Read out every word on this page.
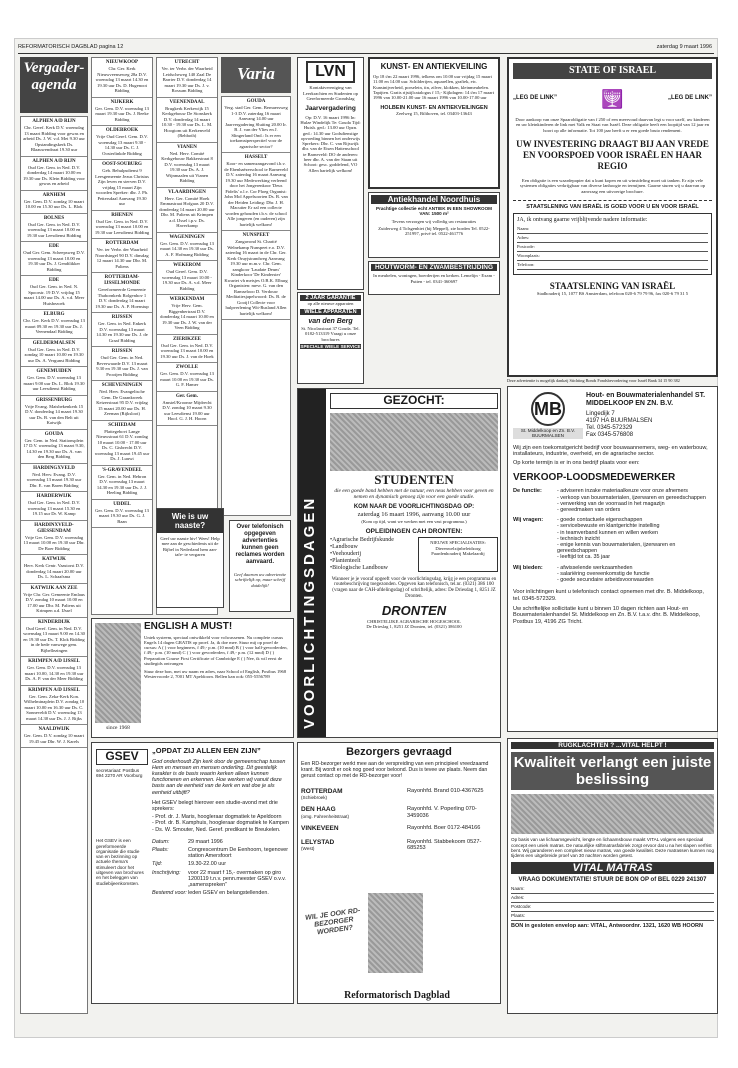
REFORMATORISCH DAGBLAD pagina 12	zaterdag 9 maart 1996
Vergader-agenda
ALPHEN A/D RIJN
Chr. Geref. Kerk D.V. woensdag 13 maart Bidding voor gewas en arbeid Ds. J. W. v.d. Mei 9.30 uur Opstandingskerk Ds. Blaauwendraat 19.30 uur
ALPHEN A/D RIJN
Oud Ger. Gem. in Ned. D.V. donderdag 14 maart 10.00 en 19.30 uur Ds. Klein Bidding voor gewas en arbeid
ARNHEM
Ger. Gem. D.V. zondag 10 maart 10.00 en 15.30 uur Ds. L. Blok
BOLNES
Oud Ger. Gem. in Ned. D.V. woensdag 13 maart 10.00 en 19.30 uur Leesdienst Bidding
EDE
Oud Ger. Gem. Scheepsweg D.V. woensdag 13 maart 10.00 en 19.30 uur Ds. J. Gendtlikker Bidding
EDE
Oud Ger. Gem. in Ned. N. Spoorstr. 19 D.V. vrijdag 15 maart 14.00 uur Ds. A. v.d. Meer Huisbezoek
ELBURG
Chr. Ger. Kerk D.V. woensdag 13 maart 09.30 en 19.30 uur Ds. J. Veenendaal Bidding
GELDERMALSEN
Oud Ger. Gem. in Ned. D.V. zondag 10 maart 10.00 en 19.30 uur Ds. A. Vergunst Bidding
GENEMUIDEN
Ger. Gem. D.V. woensdag 13 maart 9.00 uur Ds. L. Blok 19.30 uur Leesdienst Bidding
GRISSENBURG
Vrije Evang. Maisbekenkerk 15 D.V. donderdag 14 maart 19.30 uur Ds. B. van den Belt uit Katwijk
GOUDA
Ger. Gem. in Ned. Stationsplein 17 D.V. woensdag 13 maart 9.30, 14.30 en 19.30 uur Ds. A. van den Berg Bidding
HARDINGXVELD
Ned. Herv. Evang. D.V. woensdag 13 maart 19.30 uur Dhr. E. van Baren Bidding
HARDERWIJK
Oud Ger. Gem. in Ned. D.V. woensdag 13 maart 15.30 en 19.15 uur Dr. W. Kamp
HARDINXVELD-GIESSENDAM
Vrije Ger. Gem. D.V. woensdag 13 maart 10.00 en 19.30 uur Dhr. De Boer Bidding
KATWIJK
Herv. Kerk Centr. Vaastorst D.V. donderdag 14 maart 20.00 uur Ds. L. Schaafsma
KATWIJK AAN ZEE
Vrije Chr. Ger. Gemeente Emlaus D.V. zondag 10 maart 10.00 en 17.00 uur Dhr. M. Paliens uit Krimpen a.d. IJssel
KINDERDIJK
Oud Geref. Gem. in Ned. D.V. woensdag 13 maart 9.00 en 14.30 en 19.30 uur Ds. T. Klok Bidding in de bede vanwege gem. Bijbellezingen
KRIMPEN A/D IJSSEL
Ger. Gem. D.V. woensdag 13 maart 10.00, 14.30 en 19.30 uur Ds. A. P. van der Meer Bidding
KRIMPEN A/D IJSSEL
Ger. Gem. Zeka-Kerk Kon. Wilhelminaplein D.V. zondag 10 maart 10.00 en 16.30 uur Ds. C. Sonneveldt D.V. woensdag 13 maart 14.30 uur Ds. J. J. Rijks
NAALDWIJK
Ger. Gem. D.V. zondag 10 maart 19.45 uur Dhr. W. J. Karels
NIEUWKOOP
Chr. Ger. Kerk Nieuwveenseweg 28a D.V. woensdag 13 maart 14.30 en 19.30 uur Ds. D. Hugenoot Bidding
NIJKERK
Ger. Gem. D.V. woensdag 13 maart 19.30 uur Ds. J. Beeke Bidding
OLDEBROEK
Vrije Oud Geref. Gem. D.V. woensdag 13 maart 9.30 - 14.30 uur Ds. C. J. Oosterlinkde Bidding
OOST-SOUBURG
Geb. Behulpsdienst 9 Leesgemeente Jezus Christus Zijn leven en sterven D.V. vrijdag 15 maart Zijn woorden Spreker: dhr. J. Ph. Pettersdaal Aanvang 19.30 uur
RHENEN
Oud Ger. Gem. in Ned. D.V. woensdag 13 maart 10.00 en 19.30 uur Leesdienst Bidding
ROTTERDAM
Ver. ter Verbr. der Waarheid Noordsingel 90 D.V. dinsdag 12 maart 14.30 uur Dhr. M. Paliens
ROTTERDAM-IJSSELMONDE
Gereformeerde Gemeente Thabornkerk Rolgenhov 1 D.V. donderdag 14 maart 19.30 uur Ds. A. P. Hoenstup
RIJSSEN
Ger. Gem. in Ned. Enkerk D.V. woensdag 13 maart 14.30 en 19.30 uur Ds. J. de Graaf Bidding
RIJSSEN
Oud Ger. Gem. in Ned. Beverwaarde D.V. 13 maart 9.30 en 19.30 uur Ds. J. van Prooijen Bidding
SCHEVENINGEN
Ned. Herv. Evangelische Gem. De Graankweek Keizerstraat 95 D.V. vrijdag 15 maart 20.00 uur Ds. H. Zeeman (Rijksloot)
SCHIEDAM
Plattegebovi Lange Nieuwstraat 61 D.V. zondag 10 maart 10.00 - 17.00 uur Ds. C. Gisbrecht D.V. woensdag 13 maart 19.45 uur Ds. J. Luuwt
'S-GRAVENDEEL
Ger. Gem. in Ned. Hebron D.V. woensdag 13 maart 14.30 en 19.30 uur Ds. J. J. Heeling Bidding
UDDEL
Ger. Gem. D.V. woensdag 13 maart 19.30 uur Ds. G. J. Baan
UTRECHT
Ver. ter Verbr. der Waarheid Leidscheweg 140 Zaal De Barrier D.V. donderdag 14 maart 19.30 uur Ds. J. v. Rossum Bidding
VEENENDAAL
Brugkerk Kerkewijk 15 Kerkgebouw De Sionskerk D.V. donderdag 14 maart 10.30 - 19.30 uur Ds. L. M. Hoogtom uit Kerkenveld (Rehboth)
VIANEN
Ned. Herv. Comité Kerkgebouw Bakkerstraat 8 D.V. woensdag 13 maart 19.30 uur Ds. A. J. Wijnmaalen uit Vianen Bidding
VLAARDINGEN
Herv. Ger. Comité Hoek Emmastraat Hofgaas 20 D.V. donderdag 14 maart 20.00 uur Dhr. M. Paliens uit Krimpen a.d. IJssel i.p.v. Ds. Haverkamp
WAGENINGEN
Ger. Gem. D.V. woensdag 13 maart 14.30 en 19.30 uur Ds. A. F. Hofmang Bidding
WEKEROM
Oud Geref. Gem. D.V. woensdag 13 maart 10.00 - 19.30 uur Ds. A. v.d. Meer Bidding
WERKENDAM
Vrije Herv. Gem. Biggenbertraat D.V. donderdag 14 maart 10.00 en 19.30 uur Ds. J. W. van der Veen Bidding
ZIERIKZEE
Oud Ger. Gem. in Ned. D.V. woensdag 13 maart 10.00 en 19.30 uur Ds. J. van de Hoek
ZWOLLE
Ger. Gem. D.V. woensdag 13 maart 10.00 en 19.30 uur Ds. G. F. Hamer
Ger. Gem.
Amstel/Kroonse Mijdrecht D.V. zondag 10 maart 9.30 uur Leesdienst 19.00 uur Hoof. G. J. H. Hoorn
Varia
GOUDA
Verg. stad Ger. Gem. Bernaersweg 1-3 D.V. zaterdag 16 maart Aanvang 14.00 uur Jaarvergadering Sluiting 20.00 Ir. B. J. van der Vlies en J. Slingerland Ond.: Is er een toekomstperspectief voor de agrarische sector?
HASSELT
Koor- en samenzangavond t.b.v. de Ebenhaëzerschool te Barneveld D.V. zaterdag 16 maart Aanvang 19.30 uur Medewerking verleend door het Jongerenkoor 'Deus Fidelis' o.l.v. Cor Ploeg Organist: John Mol Appelsoorten Ds. B. van der Heiden Leiding: Dhr. J. H. Macutter Er zal een collecte worden gehouden t.b.v. de school Alle jongeren (en ouderen) zijn hartelijk welkom!
NUNSPEET
Zangavond St. Charité Welnekamp Nunspeet e.o. D.V. zaterdag 16 maart in de Chr. Ger. Kerk Oruyjstrandweg Aanvang 19.30 uur m.m.v. Chr. Gem. zangkoor 'Laudate Deum' Kinderkoor 'De Kinderster' Kwartet vh meisjes O.B.K. Elburg Organisten: mevr. G. van den Ramselooo D. Verdouw Meditatiesjapelwoord: Ds. B. de Gooijf Collecte voor hulpverlening Wit-Rusland Allen hartelijk welkom!
Wie is uw naaste?
Geef uw naaste hiv! Wees! Help mee aan de geschiedenis uit de Bijbel in Nederland hem aan-tafe- te vergaren
Over telefonisch opgegeven advertenties kunnen geen reclames worden aanvaard.
Geef daarom uw advertentie schriftelijk op, maar schrijf duidelijk!
LVN
Kontaktvereniging van Leerkrachten en Studenten op Gereformeerde Grondslag
Jaarvergadering
Op: D.V. 16 maart 1996 In: Hulze Windelijk Te: Gouda Tijd: Huish. ged.: 13.00 uur Opzn. ged.: 14.30 uur Godsdienstige opvoeding binnen het onderwijs Sprekers: Dhr. C. van Rijswijk dhr. van de Eisen Hattenschool te Barneveld: DO de anderen: heer dhr. A. van der Staan uit Schoot: gesc. goddelend, VO Allen hartelijk welkom!
KUNST- EN ANTIEKVEILING
Op 18 t/m 22 maart 1996, telkens om 10.00 uur vrijdag 15 maart 11.00 en 14.00 uur. Schilderijen, aquarellen, grafiek, etc. Kunstnijverheid, porselein, tin, zilver, klokken, kleinmeubelen. Tapijten. Gratis rijstijlcatalogus f 15,- Kijkdagen: 14 t/m 17 maart 1996 van 10.00-21.00 uur 16 maart 1996 van 10.00-17.00 uur
HOLBEIN KUNST- EN ANTIEKVEILINGEN
Zeelweg 15, Bilthoven, tel. 03403-13643
Antiekhandel Noordhuis
Prachtige collectie echt ANTIEK IN EEN SHOWROOM VAN: 1500 m²
Tevens verzorgen wij volledig uw restauraties
Zuiderweg 4 Tolsgenhiet (bij Meppel), zie borden Tel. 0522-251997, privé tel. 0522-461776
2 JAAR GARANTIE
op alle nieuwe apparaten
WIELE APPARATEN
van den Berg
St. Nicolasstraat 37 Gouda. Tel. 0182-513319 Vraagt u onze brochures
SPECIALE WIELE SERVICE
HOUTWORM- EN ZWAMBESTRIJDING
In meubelen, woningen, boerderijen en kerken. Lemelijn - Exam - Putten - tel. 0341-360697
STATE OF ISRAEL
„LEG DE LINK” 🕎	„LEG DE LINK”
Door aankoop van onze Spaarobligatie van f 250 of een meervoud daarvan legt u voor uzelf, uw kinderen en uw kleinkinderen de link met Valk en Staat van Israël. Deze obligatie heeft een looptijd van 12 jaar en hoort op alle informatie. Tot 100 jaar heeft u er een goede bruto rendement.
UW INVESTERING DRAAGT BIJ AAN VREDE EN VOORSPOED VOOR ISRAËL EN HAAR REGIO
Een obligatie is een waardepapier dat u kunt kopen en uit winstdeling moet uit tanken. Er zijn vele systemen obligaties verkrijgbaar van diverse lanhoogte en termijnen. Gaarne sturen wij u daarvan op aanvraag een uitvoerige brochure.
STAATSLENING VAN ISRAËL IS GOED VOOR U EN VOOR ISRAËL
JA, ik ontvang gaarne vrijblijvende nadere informatie:
Naam:
Adres:
Postcode:
Woonplaats:
Telefoon:
STAATSLENING VAN ISRAËL
Stadhouderij 15, 1077 BS Amsterdam, telefoon 020-6 79 79 96, fax 020-6 79 31 5
Deze advertentie is mogelijk dankzij Stichting Bonds Fondsbevordering voor Israël Bank 34 15 90 382
MB
St. Middelkoop en Zn. B.V. BUURMALSEN
Hout- en Bouwmaterialenhandel ST. MIDDELKOOP EN ZN. B.V.
Lingedijk 7
4197 HA BUURMALSEN
Tel. 0345-572329
Fax 0345-576808
Wij zijn een toekomstgericht bedrijf voor bouwaannemers, weg- en waterbouw, installateurs, industrie, overheid, en de agrarische sector.
Op korte termijn is er in ons bedrijf plaats voor een:
VERKOOP-LOODSMEDEWERKER
De functie:	- adviseren inzake materiaalkeuze voor onze afnemers
- verkoop van bouwmaterialen, ijzerwaren en gereedschappen
- verwerking van de voorraad in het magazijn
- gereedmaken van orders
Wij vragen:	- goede contactuele eigenschappen
- servicebewuste en klantgerichte instelling
- in teamverband kunnen en willen werken
- technisch inzicht
- enige kennis van bouwmaterialen, ijzerwaren en gereedschappen
- leeftijd tot ca. 35 jaar
Wij bieden:	- afwisselende werkzaamheden
- salariëring overeenkomstig de functie
- goede secundaire arbeidsvoorwaarden
Voor inlichtingen kunt u telefonisch contact opnemen met dhr. B. Middelkoop, tel. 0345-572329.
Uw schriftelijke sollicitatie kunt u binnen 10 dagen richten aan Hout- en Bouwmaterialenhandel St. Middelkoop en Zn. B.V. t.a.v. dhr. B. Middelkoop, Postbus 19, 4196 ZG Tricht.
VOORLICHTINGSDAGEN
GEZOCHT:
STUDENTEN
die een goede band hebben met de natuur, een neus hebben voor geven en nemen en dynamisch genoeg zijn voor een goede studie.
KOM NAAR DE VOORLICHTINGSDAG OP:
zaterdag 16 maart 1996, aanvang 10.00 uur
(Kom op tijd, want we werken met een vast programma.)
OPLEIDINGEN CAH DRONTEN:
• Agrarische Bedrijfskunde
• Landbouw
• Veehouderij
• Plantenteelt
• Biologische Landbouw
NIEUWE SPECIALISATIES: Dierenwelzijnbeleidzorg Paardenhouderij Makelaardij
Wanneer je je vooraf opgeeft voor de voorlichtingsdag, krijg je een programma en routebeschrijving toegezonden. Opgeven kan telefonisch, tel.nr. (0321) 386 100 (vragen naar de CAH-afdelingsdag) of schriftelijk, adres: De Driesdag 1, 8251 JZ Dronten.
DRONTEN
CHRISTELIJKE AGRARISCHE HOGESCHOOL
De Drieslag 1, 8251 JZ Dronten, tel. (0321) 386100
since 1968
ENGLISH A MUST!
Uniek systeem, speciaal ontwikkeld voor volwassenen. Nu complete cursus Engels 14 dagen GRATIS op proef. Ja, ik doe mee. Stuur mij op proef de cursus: A ( ) voor beginners, f 49,- p.m. (10 mnd) B ( ) voor half-gevorderden, f 49,- p.m. (10 mnd) C ( ) voor gevorderden, f 49,- p.m. (12 mnd) D ( ) Preparation Course First Certificate of Cambridge E ( ) Nee, ik wil eerst de studiegids ontvangen
Stuur deze bon, met uw naam en adres, naar School of English, Postbus 1968 Westervoorde 2, 7001 MT Apeldoorn. Bellen kan ook: 055-5556789
GSEV
secretariaat: Postbus 694 2270 AR Voorburg
Het GSEV is een gereformeerde organisatie die studie van en bezinning op actuele thema's stimuleert door het uitgeven van brochures en het beleggen van studiebijeenkomsten.
„OPDAT ZIJ ALLEN EEN ZIJN”
God onderhoudt Zijn kerk door de gemeenschap tussen Hem en mensen en mensen onderling. Dit geestelijk karakter is de basis waarin kerken alleen kunnen functioneren en erkennen. Hoe werken wij vanuit deze basis aan de eenheid van de kerk en wat doe je als eenheid uitbijft?
Het GSEV belegt hierover een studie-avond met drie sprekers:
- Prof. dr. J. Maris, hoogleraar dogmatiek te Apeldoorn
- Prof. dr. B. Kamphuis, hoogleraar dogmatiek te Kampen
- Ds. W. Smouter, Ned. Geref. predikant te Breukelen.
Datum:	29 maart 1996
Plaats:	Congrescentrum De Eenhoorn, tegenover station Amersfoort
Tijd:	19.30-22.00 uur
Inschrijving:	voor 22 maart f 15,- overmaken op giro 1200119 t.n.v. penn.meester GSEV o.v.v. „samenspreken”
Bestemd voor: leden GSEV en belangstellenden.
Bezorgers gevraagd
Een RD-bezorger werkt mee aan de verspreiding van een principieel vreedzaamd krant. Bij wordt er ook nog goed voor beloond. Dus is tevee uw plaats. Neem dan gerust contact op met de RD-bezorger voor!
ROTTERDAM
(Schiebroek)
Rayonhfd. Brand 010-4367625
DEN HAAG
(omg. Fahrenheitstraat)
Rayonhfd. V. Poperling 070-3459036
VINKEVEEN	Rayonhfd. Boer 0172-484166
LELYSTAD
(West)
Rayonhfd. Stabbekoom 0527-685253
WIL JE OOK RD-BEZORGER WORDEN?
Reformatorisch Dagblad
RUGKLACHTEN ? ...VITAL HELPT !
Kwaliteit verlangt een juiste beslissing
Op basis van uw lichaamsgewicht, lengte en lichaamsbouw maakt VITAL volgens een speciaal concept een uniek matras. De natuurlijke stiftmatrasfabriek zorgt ervoor dat u na het slapen verfrist bent. Wij garanderen een compleet nieuw matras, van goede kwaliteit. Deze matrassen kunnen nog tijdens een uitgebreide proef van 30 nachten worden getest.
VITAL MATRAS
VRAAG DOKUMENTATIE! STUUR DE BON OP of BEL 0229 241307
Naam:
Adres:
Postcode:
Plaats:
BON in gesloten envelop aan: VITAL, Antwoordnr. 1321, 1620 WB HOORN
